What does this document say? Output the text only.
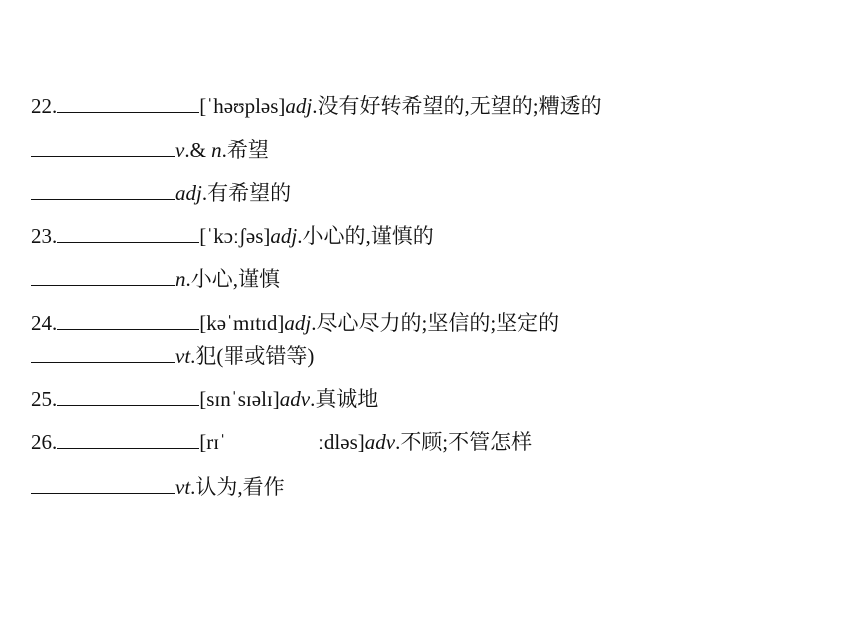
22.	[ˈhəʊpləs]adj.没有好转希望的,无望的;糟透的
v.& n.希望
adj.有希望的
23.	[ˈkɔːʃəs]adj.小心的,谨慎的
n.小心,谨慎
24.	[kəˈmɪtɪd]adj.尽心尽力的;坚信的;坚定的
vt.犯(罪或错等)
25.	[sɪnˈsɪəlɪ]adv.真诚地
26.	[rɪˈ	ːdləs]adv.不顾;不管怎样
vt.认为,看作
